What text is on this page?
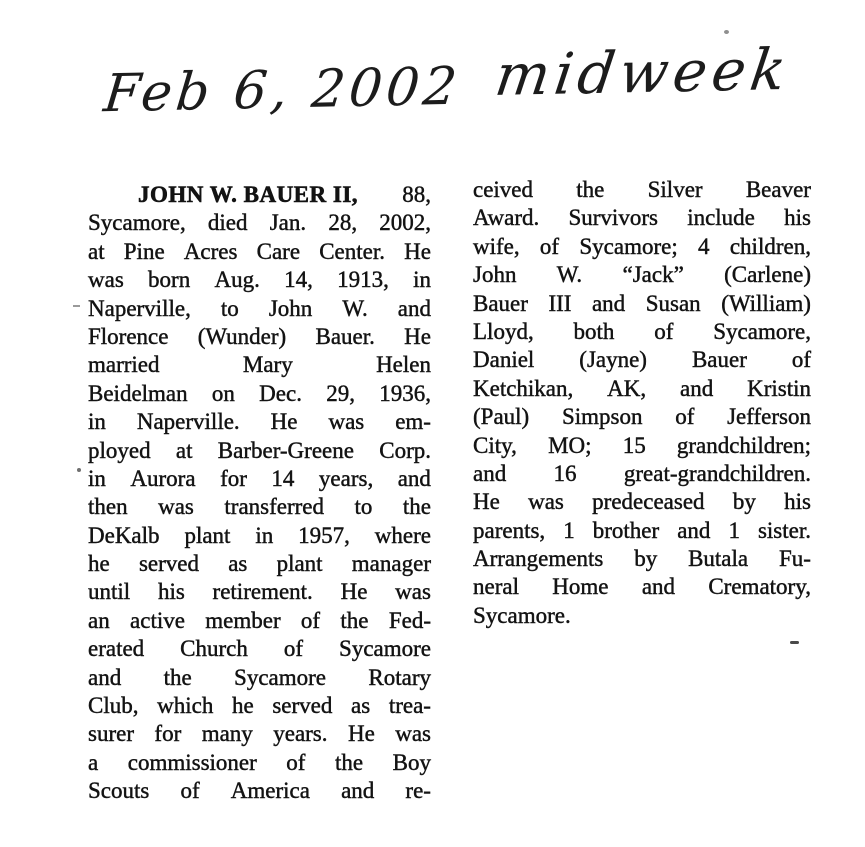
Feb 6, 2002 midweek
JOHN W. BAUER II, 88,
Sycamore, died Jan. 28, 2002,
at Pine Acres Care Center. He
was born Aug. 14, 1913, in
Naperville, to John W. and
Florence (Wunder) Bauer. He
married	Mary	Helen
Beidelman on Dec. 29, 1936,
in Naperville. He was em-
ployed at Barber-Greene Corp.
in Aurora for 14 years, and
then was transferred to the
DeKalb plant in 1957, where
he served as plant manager
until his retirement. He was
an active member of the Fed-
erated Church of Sycamore
and the Sycamore Rotary
Club, which he served as trea-
surer for many years. He was
a commissioner of the Boy
Scouts of America and re-
ceived the Silver Beaver
Award. Survivors include his
wife, of Sycamore; 4 children,
John W. “Jack” (Carlene)
Bauer III and Susan (William)
Lloyd, both of Sycamore,
Daniel (Jayne) Bauer of
Ketchikan, AK, and Kristin
(Paul) Simpson of Jefferson
City, MO; 15 grandchildren;
and 16 great-grandchildren.
He was predeceased by his
parents, 1 brother and 1 sister.
Arrangements by Butala Fu-
neral Home and Crematory,
Sycamore.
